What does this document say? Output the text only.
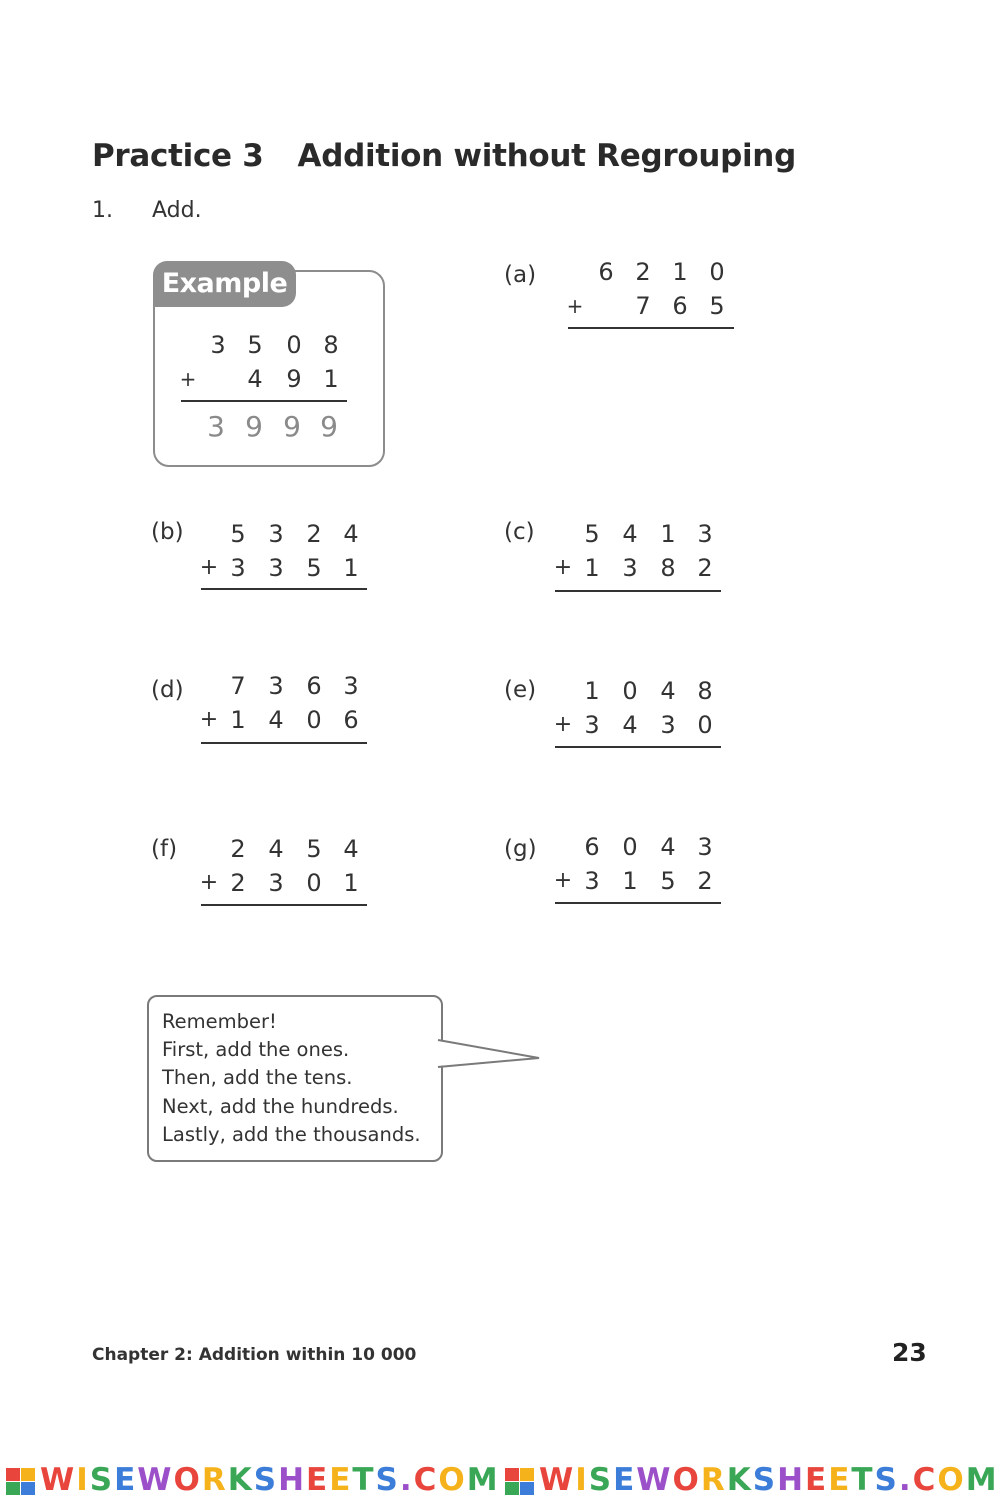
Practice 3 Addition without Regrouping
1. Add.
Example
3 5 0 8
+ 4 9 1
3 9 9 9
(a)	6 2 1 0
+ 7 6 5
(b) 5 3 2 4
+ 3 3 5 1
(c) 5 4 1 3
+ 1 3 8 2
(d) 7 3 6 3
+ 1 4 0 6
(e) 1 0 4 8
+ 3 4 3 0
(f) 2 4 5 4
+ 2 3 0 1
(g) 6 0 4 3
+ 3 1 5 2
Remember!
First, add the ones.
Then, add the tens.
Next, add the hundreds.
Lastly, add the thousands.
Chapter 2: Addition within 10 000	23
WISEWORKSHEETS.COM WISEWORKSHEETS.COM
